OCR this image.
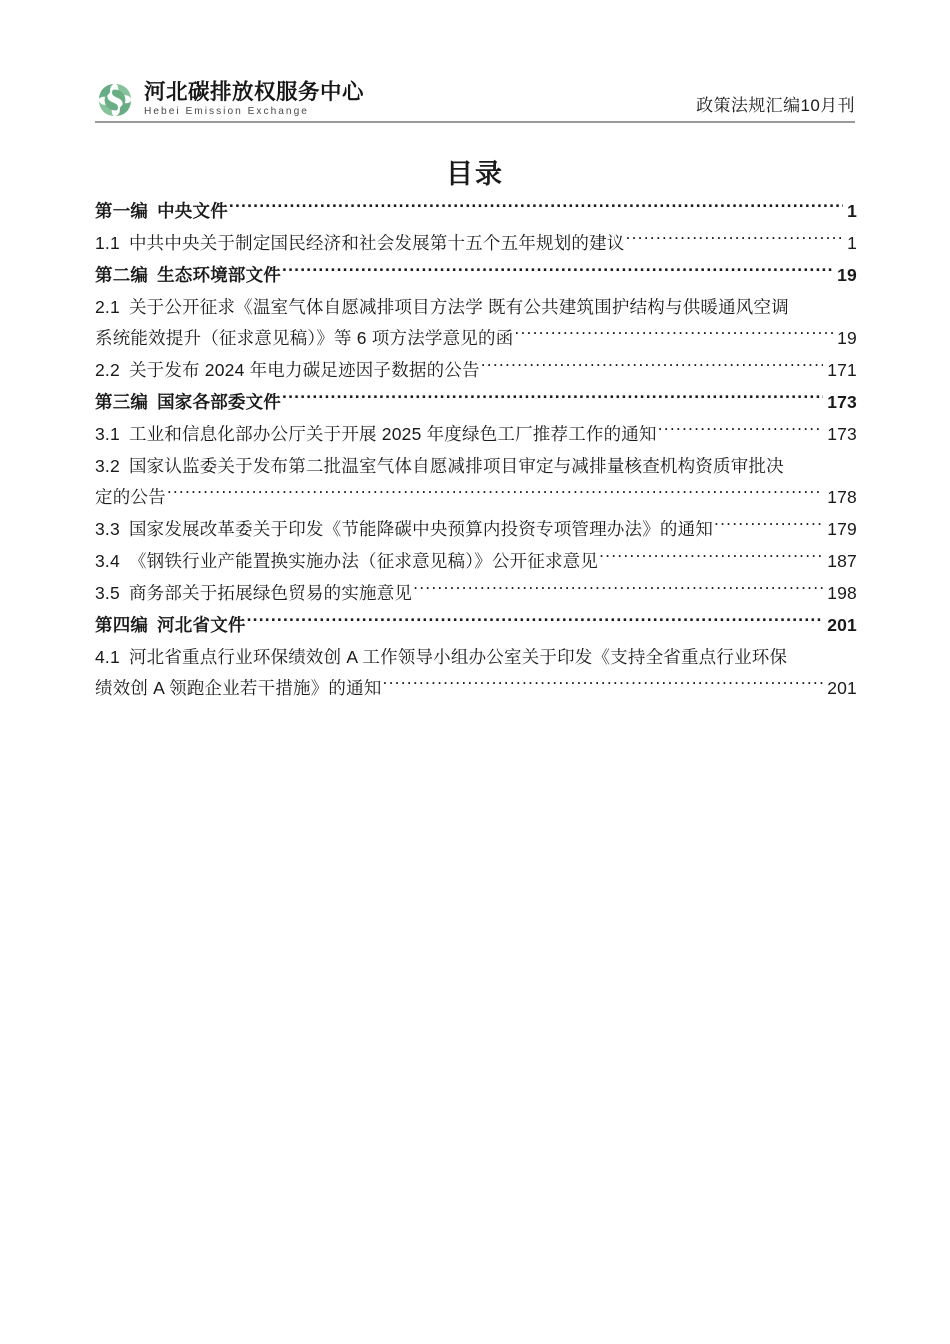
河北碳排放权服务中心
Hebei Emission Exchange	政策法规汇编10月刊
目录
第一编 中央文件 .....	1
1.1 中共中央关于制定国民经济和社会发展第十五个五年规划的建议 .....	1
第二编 生态环境部文件 .....	19
2.1 关于公开征求《温室气体自愿减排项目方法学 既有公共建筑围护结构与供暖通风空调
系统能效提升（征求意见稿）》等 6 项方法学意见的函 .....	19
2.2 关于发布 2024 年电力碳足迹因子数据的公告 .....	171
第三编 国家各部委文件 .....	173
3.1 工业和信息化部办公厅关于开展 2025 年度绿色工厂推荐工作的通知 .....	173
3.2 国家认监委关于发布第二批温室气体自愿减排项目审定与减排量核查机构资质审批决
定的公告 .....	178
3.3 国家发展改革委关于印发《节能降碳中央预算内投资专项管理办法》的通知 .....	179
3.4 《钢铁行业产能置换实施办法（征求意见稿）》公开征求意见 .....	187
3.5 商务部关于拓展绿色贸易的实施意见 .....	198
第四编 河北省文件 .....	201
4.1 河北省重点行业环保绩效创 A 工作领导小组办公室关于印发《支持全省重点行业环保
绩效创 A 领跑企业若干措施》的通知 .....	201
